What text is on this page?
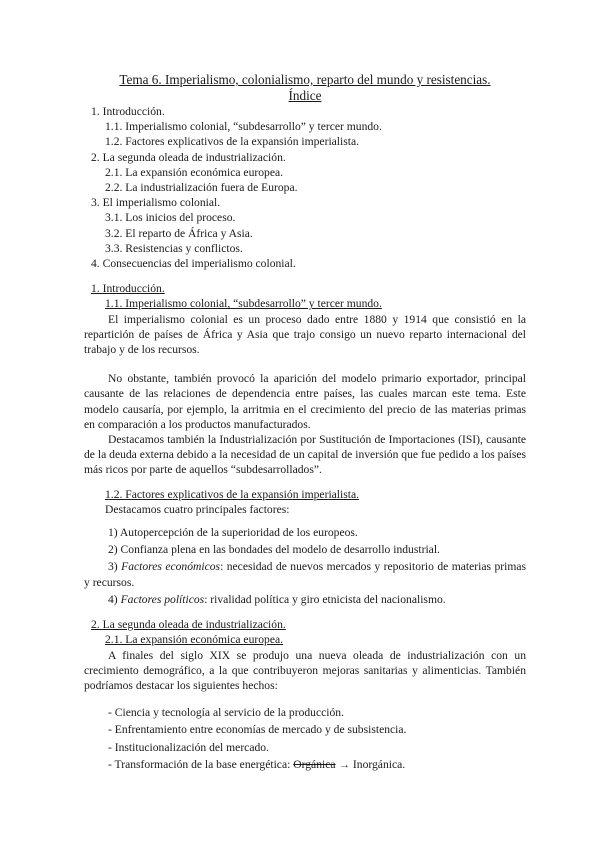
Tema 6. Imperialismo, colonialismo, reparto del mundo y resistencias.
Índice
1. Introducción.
1.1. Imperialismo colonial, “subdesarrollo” y tercer mundo.
1.2. Factores explicativos de la expansión imperialista.
2. La segunda oleada de industrialización.
2.1. La expansión económica europea.
2.2. La industrialización fuera de Europa.
3. El imperialismo colonial.
3.1. Los inicios del proceso.
3.2. El reparto de África y Asia.
3.3. Resistencias y conflictos.
4. Consecuencias del imperialismo colonial.
1. Introducción.
1.1. Imperialismo colonial, “subdesarrollo” y tercer mundo.

El imperialismo colonial es un proceso dado entre 1880 y 1914 que consistió en la repartición de países de África y Asia que trajo consigo un nuevo reparto internacional del trabajo y de los recursos.

No obstante, también provocó la aparición del modelo primario exportador, principal causante de las relaciones de dependencia entre países, las cuales marcan este tema. Este modelo causaría, por ejemplo, la arritmia en el crecimiento del precio de las materias primas en comparación a los productos manufacturados.

Destacamos también la Industrialización por Sustitución de Importaciones (ISI), causante de la deuda externa debido a la necesidad de un capital de inversión que fue pedido a los países más ricos por parte de aquellos “subdesarrollados”.

1.2. Factores explicativos de la expansión imperialista.
Destacamos cuatro principales factores:
1) Autopercepción de la superioridad de los europeos.
2) Confianza plena en las bondades del modelo de desarrollo industrial.

3) Factores económicos: necesidad de nuevos mercados y repositorio de materias primas y recursos.

4) Factores políticos: rivalidad política y giro etnicista del nacionalismo.
2. La segunda oleada de industrialización.
2.1. La expansión económica europea.

A finales del siglo XIX se produjo una nueva oleada de industrialización con un crecimiento demográfico, a la que contribuyeron mejoras sanitarias y alimenticias. También podríamos destacar los siguientes hechos:

- Ciencia y tecnología al servicio de la producción.
- Enfrentamiento entre economías de mercado y de subsistencia.
- Institucionalización del mercado.
- Transformación de la base energética: Orgánica → Inorgánica.
